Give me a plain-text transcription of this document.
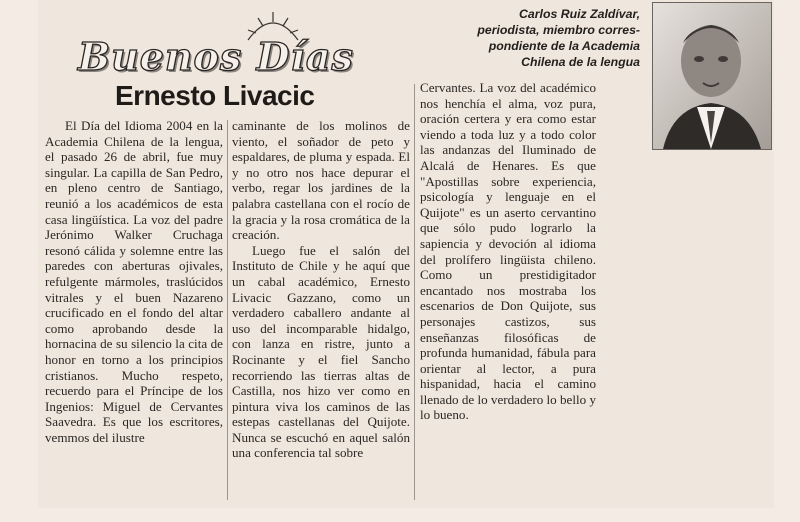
Buenos Días
Ernesto Livacic
Carlos Ruiz Zaldívar,
periodista, miembro corres-
pondiente de la Academia
Chilena de la lengua

El Día del Idioma 2004 en la Academia Chilena de la lengua, el pasado 26 de abril, fue muy singular. La capilla de San Pedro, en pleno centro de Santiago, reunió a los académicos de esta casa lingüística. La voz del padre Jerónimo Walker Cruchaga resonó cálida y solemne entre las paredes con aberturas ojivales, refulgente mármoles, traslúcidos vitrales y el buen Nazareno crucificado en el fondo del altar como aprobando desde la hornacina de su silencio la cita de honor en torno a los principios cristianos. Mucho respeto, recuerdo para el Príncipe de los Ingenios: Miguel de Cervantes Saavedra. Es que los escritores, vemmos del ilustre

caminante de los molinos de viento, el soñador de peto y espaldares, de pluma y espada. El y no otro nos hace depurar el verbo, regar los jardines de la palabra castellana con el rocío de la gracia y la rosa cromática de la creación.

Luego fue el salón del Instituto de Chile y he aquí que un cabal académico, Ernesto Livacic Gazzano, como un verdadero caballero andante al uso del incomparable hidalgo, con lanza en ristre, junto a Rocinante y el fiel Sancho recorriendo las tierras altas de Castilla, nos hizo ver como en pintura viva los caminos de las estepas castellanas del Quijote. Nunca se escuchó en aquel salón una conferencia tal sobre

Cervantes. La voz del académico nos henchía el alma, voz pura, oración certera y era como estar viendo a toda luz y a todo color las andanzas del Iluminado de Alcalá de Henares. Es que "Apostillas sobre experiencia, psicología y lenguaje en el Quijote" es un aserto cervantino que sólo pudo lograrlo la sapiencia y devoción al idioma del prolífero lingüista chileno. Como un prestidigitador encantado nos mostraba los escenarios de Don Quijote, sus personajes castizos, sus enseñanzas filosóficas de profunda humanidad, fábula para orientar al lector, a pura hispanidad, hacia el camino llenado de lo verdadero lo bello y lo bueno.
